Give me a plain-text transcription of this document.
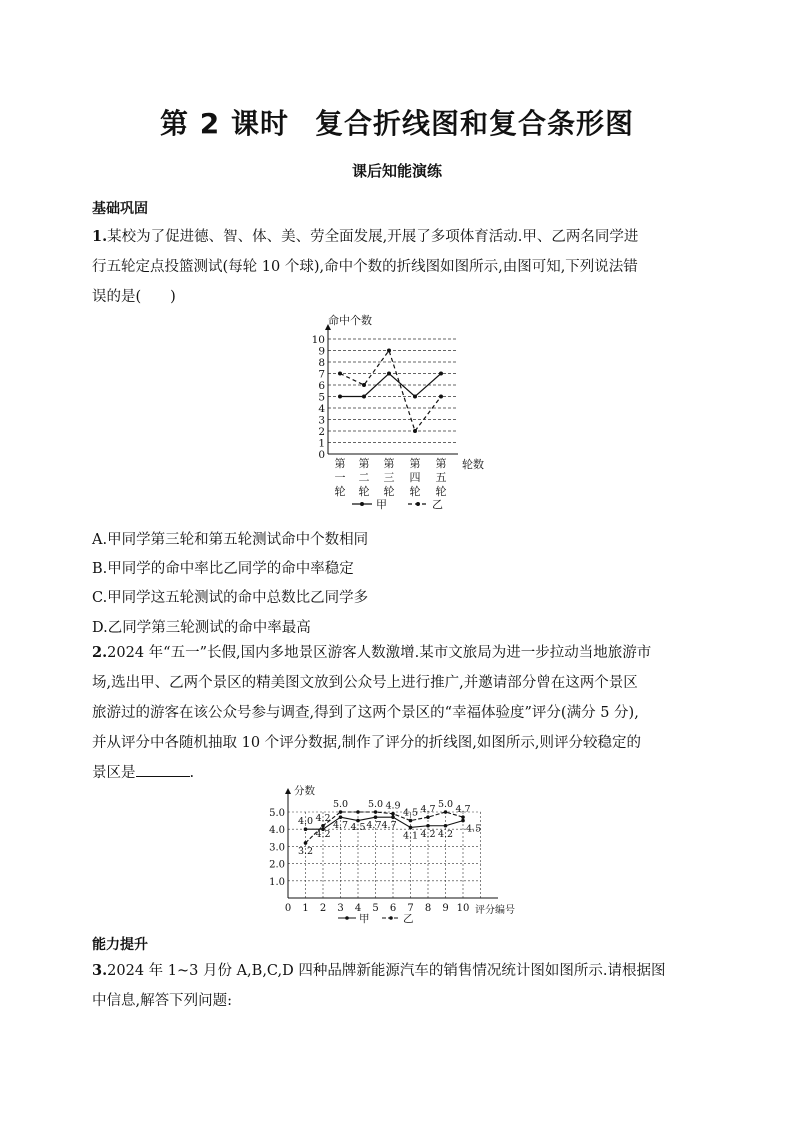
第 2 课时 复合折线图和复合条形图
课后知能演练
基础巩固
1.某校为了促进德、智、体、美、劳全面发展,开展了多项体育活动.甲、乙两名同学进
行五轮定点投篮测试(每轮 10 个球),命中个数的折线图如图所示,由图可知,下列说法错
误的是(　　)
0
1
2
3
4
5
6
7
8
9
10
命中个数
第
一
轮
第
二
轮
第
三
轮
第
四
轮
第
五
轮
轮数
甲	乙
A.甲同学第三轮和第五轮测试命中个数相同
B.甲同学的命中率比乙同学的命中率稳定
C.甲同学这五轮测试的命中总数比乙同学多
D.乙同学第三轮测试的命中率最高
2.2024 年“五一”长假,国内多地景区游客人数激增.某市文旅局为进一步拉动当地旅游市
场,选出甲、乙两个景区的精美图文放到公众号上进行推广,并邀请部分曾在这两个景区
旅游过的游客在该公众号参与调查,得到了这两个景区的“幸福体验度”评分(满分 5 分),
并从评分中各随机抽取 10 个评分数据,制作了评分的折线图,如图所示,则评分较稳定的
景区是	.
1.0
2.0
3.0
4.0
5.0
0 1 2 3 4 5 6 7 8 9 10
分数
评分编号
4.0
3.2
4.2
4.2
5.0
4.7 4.5
5.0
4.74.7
4.9
4.5
4.1
4.7
4.2
5.0
4.2
4.7
4.5
甲	乙
能力提升
3.2024 年 1~3 月份 A,B,C,D 四种品牌新能源汽车的销售情况统计图如图所示.请根据图
中信息,解答下列问题:
